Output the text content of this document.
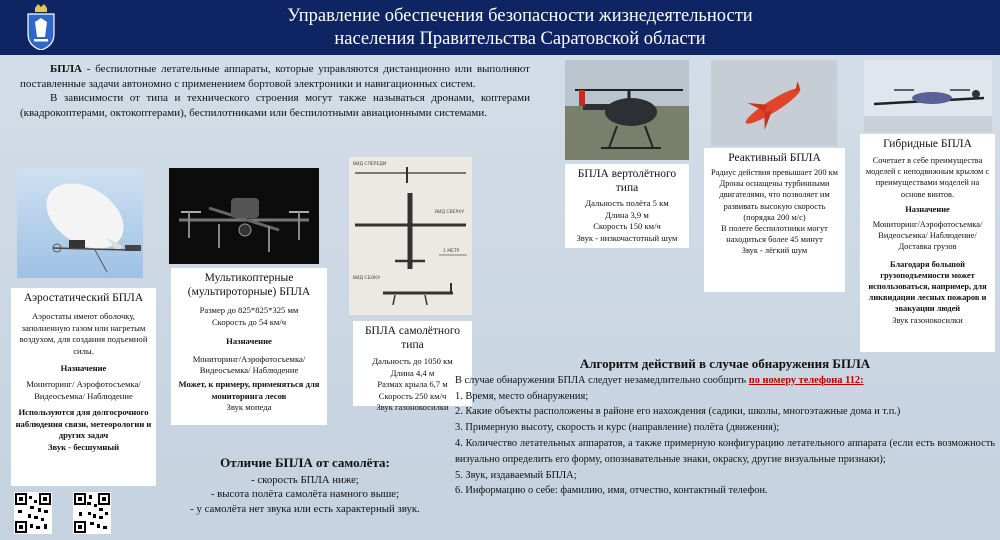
Управление обеспечения безопасности жизнедеятельности
населения Правительства Саратовской области

БПЛА - беспилотные летательные аппараты, которые управляются дистанционно или выполняют поставленные задачи автономно с применением бортовой электроники и навигационных систем.

В зависимости от типа и технического строения могут также называться дронами, коптерами (квадрокоптерами, октокоптерами), беспилотниками или беспилотными авиационными системами.

Аэростатический БПЛА

Аэростаты имеют оболочку, заполненную газом или нагретым воздухом, для создания подъемной силы.

Назначение

Мониторинг/ Аэрофотосъемка/ Видеосъемка/ Наблюдение

Используются для долгосрочного наблюдения связи, метеорологии и других задач

Звук - бесшумный

Мультикоптерные (мультироторные) БПЛА

Размер до 825*825*325 мм

Скорость до 54 км/ч

Назначение

Мониторинг/Аэрофотосъемка/ Видеосъемка/ Наблюдение

Может, к примеру, применяться для мониторинга лесов

Звук мопеда

ВИД СПЕРЕДИ
ВИД СВЕРХУ
1 МЕТР
ВИД СБОКУ
БПЛА самолётного типа

Дальность до 1050 км

Длина 4,4 м

Размах крыла 6,7 м

Скорость 250 км/ч

Звук газонокосилки

БПЛА вертолётного типа

Дальность полёта 5 км

Длина 3,9 м

Скорость 150 км/ч

Звук - низкочастотный шум

Реактивный БПЛА

Радиус действия превышает 200 км

Дроны оснащены турбинными двигателями, что позволяет им развивать высокую скорость (порядка 200 м/с)

В полете беспилотники могут находиться более 45 минут

Звук - лёгкий шум

Гибридные БПЛА

Сочетает в себе преимущества моделей с неподвижным крылом с преимуществами моделей на основе винтов.

Назначение

Мониторинг/Аэрофотосъемка/ Видеосъемка/ Наблюдение/ Доставка грузов

Благодаря большой грузоподъемности может использоваться, например, для ликвидации лесных пожаров и эвакуации людей

Звук газонокосилки

Алгоритм действий в случае обнаружения БПЛА

В случае обнаружения БПЛА следует незамедлительно сообщить по номеру телефона 112:

1. Время, место обнаружения;

2. Какие объекты расположены в районе его нахождения (садики, школы, многоэтажные дома и т.п.)

3. Примерную высоту, скорость и курс (направление) полёта (движения);

4. Количество летательных аппаратов, а также примерную конфигурацию летательного аппарата (если есть возможность визуально определить его форму, опознавательные знаки, окраску, другие визуальные признаки);

5. Звук, издаваемый БПЛА;

6. Информацию о себе: фамилию, имя, отчество, контактный телефон.

Отличие БПЛА от самолёта:
- скорость БПЛА ниже;
- высота полёта самолёта намного выше;
- у самолёта нет звука или есть характерный звук.
